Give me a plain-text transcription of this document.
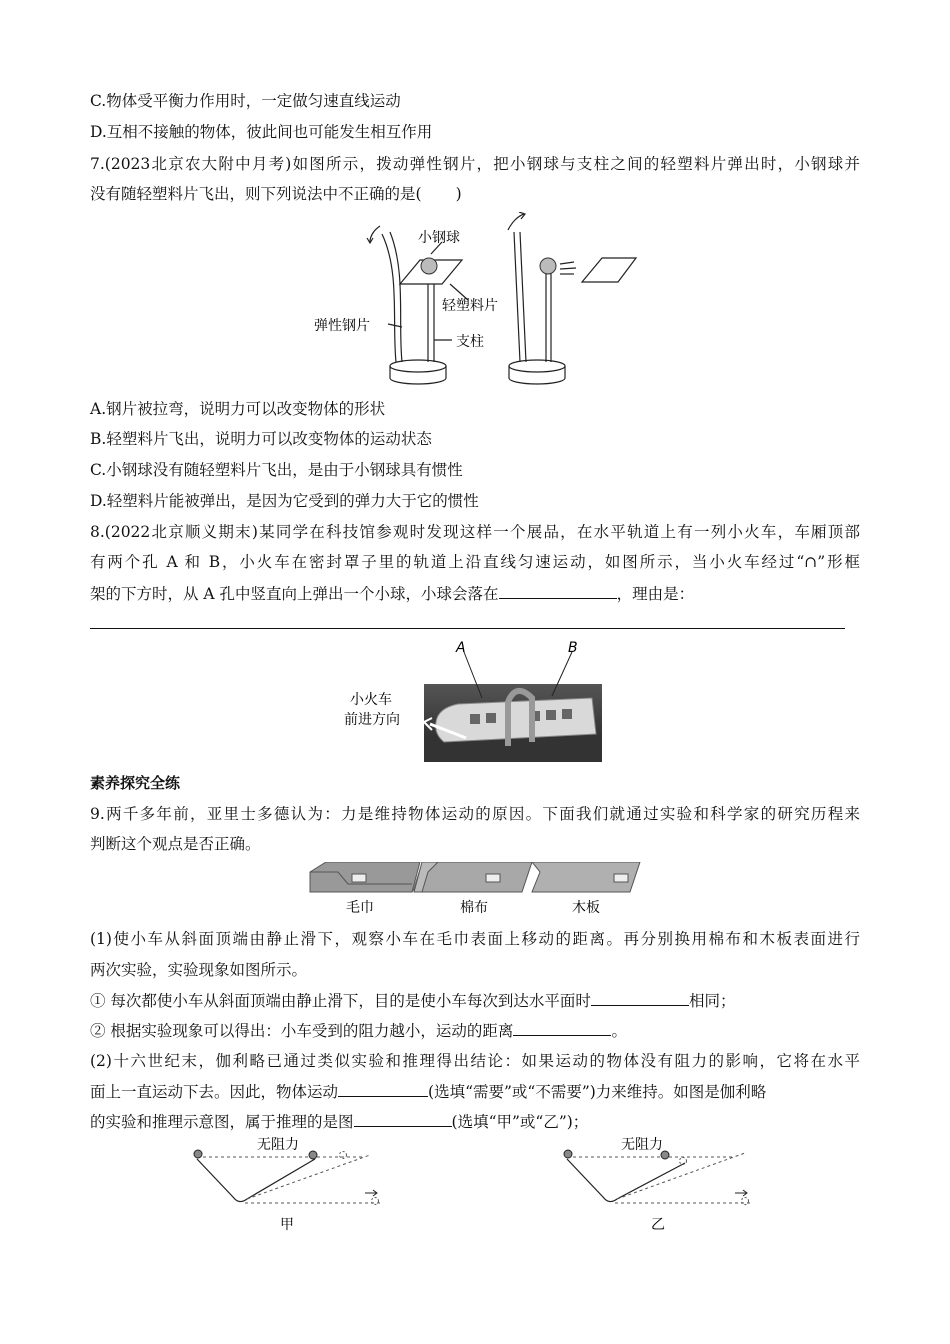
C.物体受平衡力作用时，一定做匀速直线运动
D.互相不接触的物体，彼此间也可能发生相互作用
7.(2023北京农大附中月考)如图所示，拨动弹性钢片，把小钢球与支柱之间的轻塑料片弹出时，小钢球并
没有随轻塑料片飞出，则下列说法中不正确的是( )
小钢球
轻塑料片
弹性钢片
支柱
A.钢片被拉弯，说明力可以改变物体的形状
B.轻塑料片飞出，说明力可以改变物体的运动状态
C.小钢球没有随轻塑料片飞出，是由于小钢球具有惯性
D.轻塑料片能被弹出，是因为它受到的弹力大于它的惯性
8.(2022北京顺义期末)某同学在科技馆参观时发现这样一个展品，在水平轨道上有一列小火车，车厢顶部
有两个孔 A 和 B，小火车在密封罩子里的轨道上沿直线匀速运动，如图所示，当小火车经过“∩”形框
架的下方时，从 A 孔中竖直向上弹出一个小球，小球会落在	，理由是：
A	B
小火车
前进方向
素养探究全练
9.两千多年前，亚里士多德认为：力是维持物体运动的原因。下面我们就通过实验和科学家的研究历程来
判断这个观点是否正确。
毛巾	棉布	木板
(1)使小车从斜面顶端由静止滑下，观察小车在毛巾表面上移动的距离。再分别换用棉布和木板表面进行
两次实验，实验现象如图所示。
① 每次都使小车从斜面顶端由静止滑下，目的是使小车每次到达水平面时	相同；
② 根据实验现象可以得出：小车受到的阻力越小，运动的距离	。
(2)十六世纪末，伽利略已通过类似实验和推理得出结论：如果运动的物体没有阻力的影响，它将在水平
面上一直运动下去。因此，物体运动	(选填“需要”或“不需要”)力来维持。如图是伽利略
的实验和推理示意图，属于推理的是图	(选填“甲”或“乙”)；
无阻力
甲
无阻力
乙
